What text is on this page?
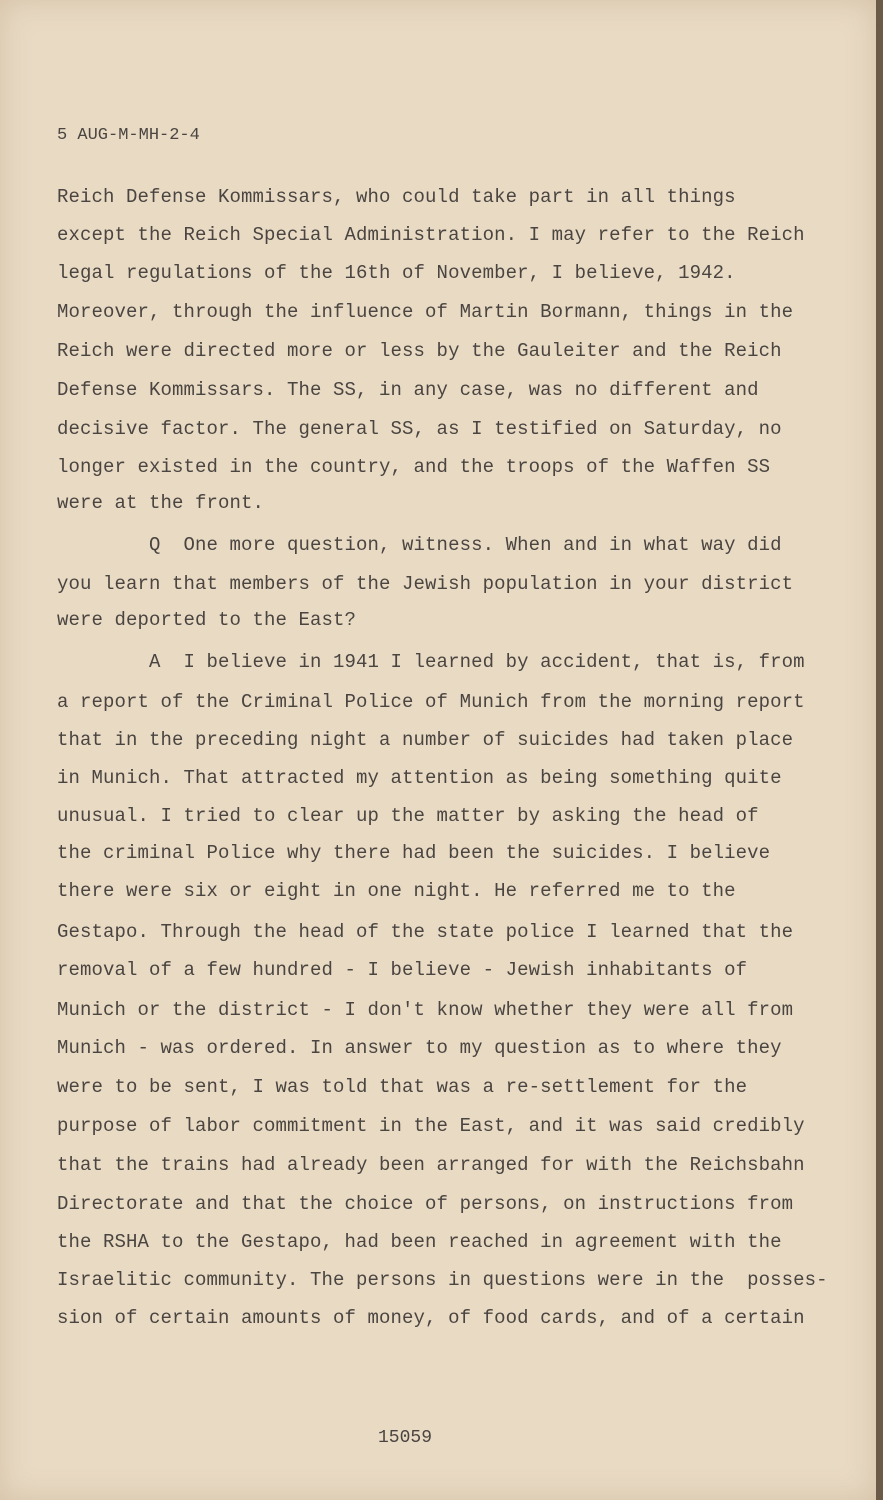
5 AUG-M-MH-2-4
Reich Defense Kommissars, who could take part in all things
except the Reich Special Administration. I may refer to the Reich
legal regulations of the 16th of November, I believe, 1942.
Moreover, through the influence of Martin Bormann, things in the
Reich were directed more or less by the Gauleiter and the Reich
Defense Kommissars. The SS, in any case, was no different and
decisive factor. The general SS, as I testified on Saturday, no
longer existed in the country, and the troops of the Waffen SS
were at the front.
Q  One more question, witness. When and in what way did
you learn that members of the Jewish population in your district
were deported to the East?
A  I believe in 1941 I learned by accident, that is, from
a report of the Criminal Police of Munich from the morning report
that in the preceding night a number of suicides had taken place
in Munich. That attracted my attention as being something quite
unusual. I tried to clear up the matter by asking the head of
the criminal Police why there had been the suicides. I believe
there were six or eight in one night. He referred me to the
Gestapo. Through the head of the state police I learned that the
removal of a few hundred - I believe - Jewish inhabitants of
Munich or the district - I don't know whether they were all from
Munich - was ordered. In answer to my question as to where they
were to be sent, I was told that was a re-settlement for the
purpose of labor commitment in the East, and it was said credibly
that the trains had already been arranged for with the Reichsbahn
Directorate and that the choice of persons, on instructions from
the RSHA to the Gestapo, had been reached in agreement with the
Israelitic community. The persons in questions were in the  posses-
sion of certain amounts of money, of food cards, and of a certain
15059
